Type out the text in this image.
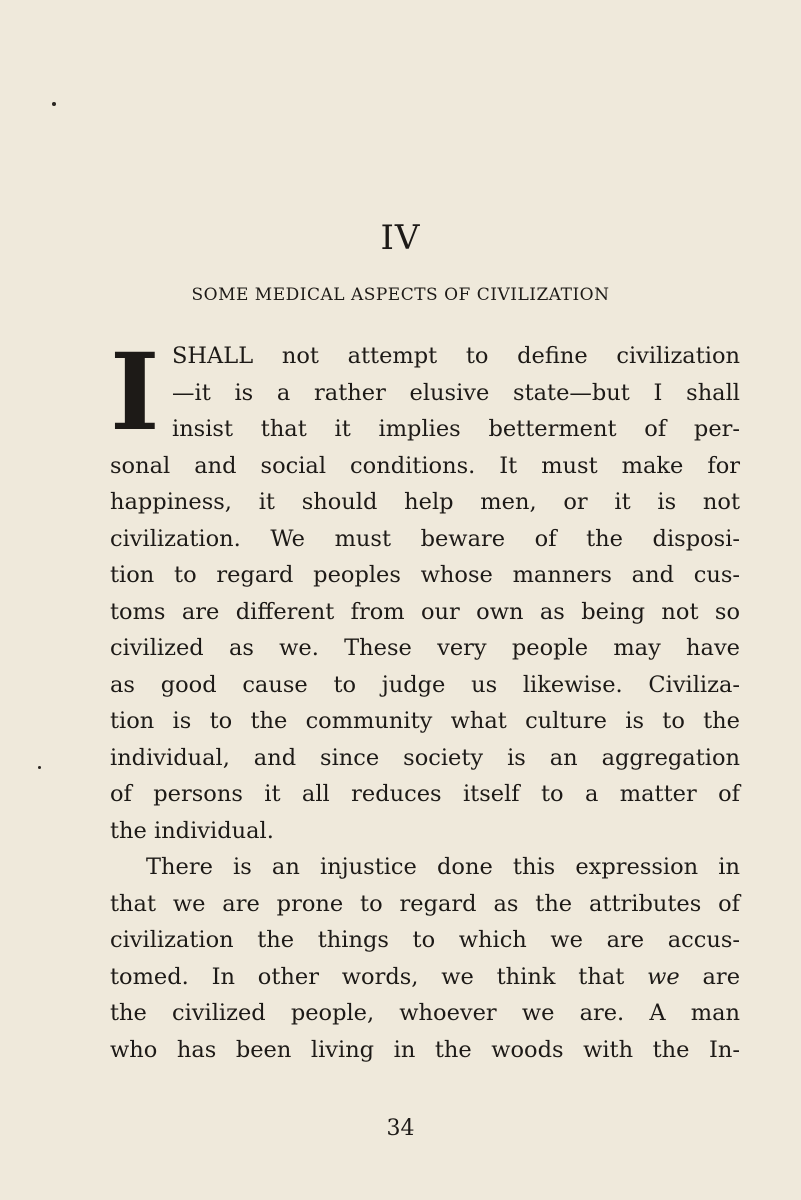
IV
SOME MEDICAL ASPECTS OF CIVILIZATION
I SHALL not attempt to define civilization
—it is a rather elusive state—but I shall
insist that it implies betterment of per-
sonal and social conditions. It must make for
happiness, it should help men, or it is not
civilization. We must beware of the disposi-
tion to regard peoples whose manners and cus-
toms are different from our own as being not so
civilized as we. These very people may have
as good cause to judge us likewise. Civiliza-
tion is to the community what culture is to the
individual, and since society is an aggregation
of persons it all reduces itself to a matter of
the individual.
There is an injustice done this expression in
that we are prone to regard as the attributes of
civilization the things to which we are accus-
tomed. In other words, we think that we are
the civilized people, whoever we are. A man
who has been living in the woods with the In-
34
